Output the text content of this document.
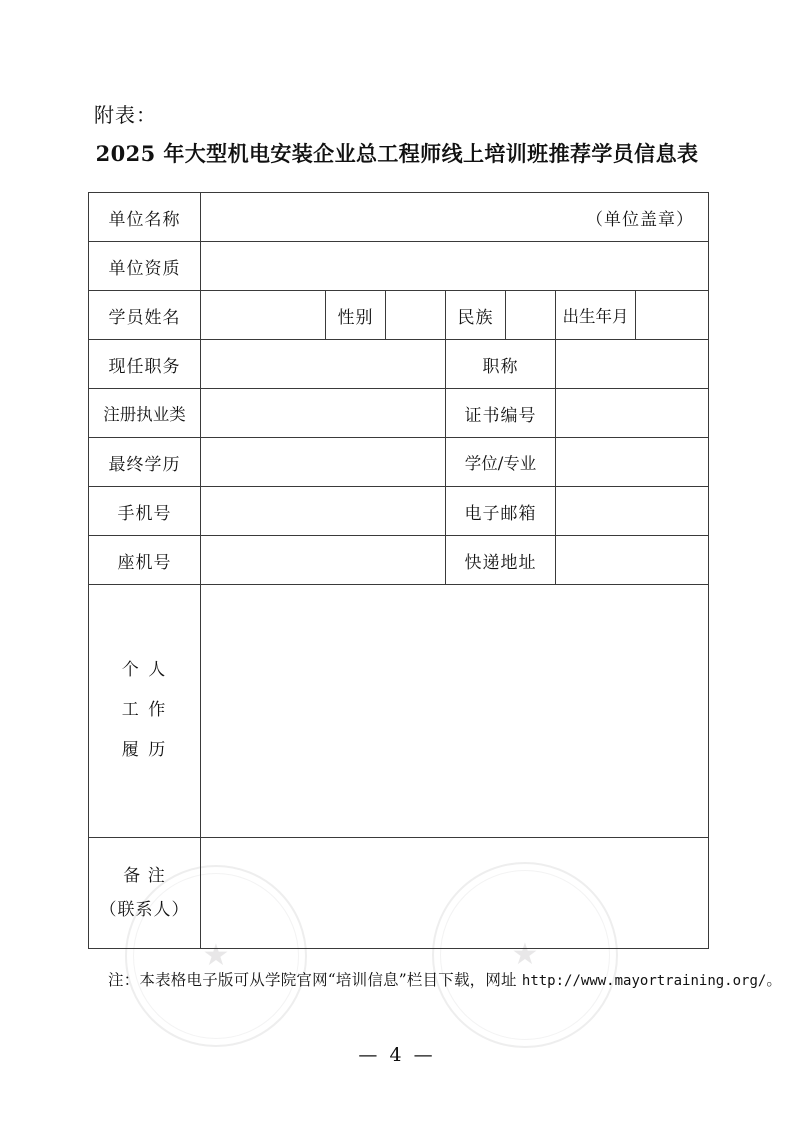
★	★
附表：
2025 年大型机电安装企业总工程师线上培训班推荐学员信息表
单位名称	（单位盖章）						

单位资质							
学员姓名		性别		民族		出生年月	
现任职务				职称			
注册执业类				证书编号			
最终学历				学位/专业			
手机号				电子邮箱			
座机号				快递地址			

个 人
工 作
履 历							

备 注
（联系人）							

注：本表格电子版可从学院官网“培训信息”栏目下载，网址 http://www.mayortraining.org/。
— 4 —
